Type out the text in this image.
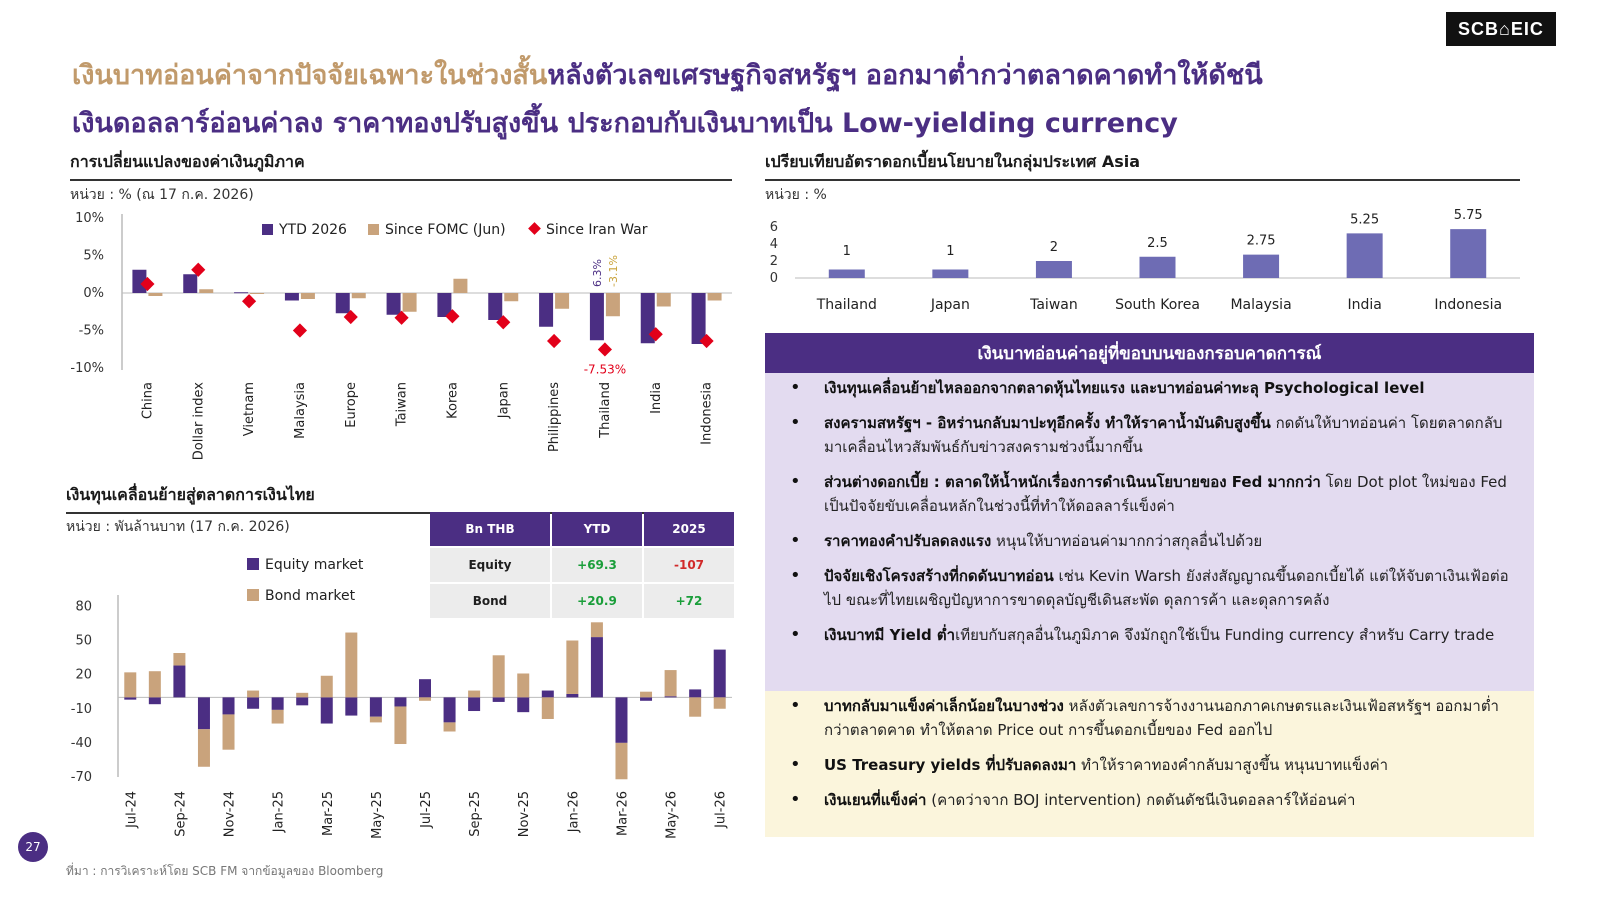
SCB⌂EIC
เงินบาทอ่อนค่าจากปัจจัยเฉพาะในช่วงสั้นหลังตัวเลขเศรษฐกิจสหรัฐฯ ออกมาต่ำกว่าตลาดคาดทำให้ดัชนี
เงินดอลลาร์อ่อนค่าลง ราคาทองปรับสูงขึ้น ประกอบกับเงินบาทเป็น Low-yielding currency
การเปลี่ยนแปลงของค่าเงินภูมิภาค
หน่วย : % (ณ 17 ก.ค. 2026)
10%
5%
0%
-5%
-10%
China	Dollar index	Vietnam	Malaysia	Europe	Taiwan	Korea	Japan	Philippines	Thailand
6.3% -3.1%
-7.53%
India	Indonesia
YTD 2026	Since FOMC (Jun)	Since Iran War
เปรียบเทียบอัตราดอกเบี้ยนโยบายในกลุ่มประเทศ Asia
หน่วย : %
6
4
2
0
1
Thailand
1
Japan
2
Taiwan
2.5
South Korea
2.75
Malaysia
5.25
India
5.75
Indonesia
เงินทุนเคลื่อนย้ายสู่ตลาดการเงินไทย
หน่วย : พันล้านบาท (17 ก.ค. 2026)
80
50
20
-10
-40
-70
Jul-24	Sep-24	Nov-24	Jan-25	Mar-25	May-25	Jul-25	Sep-25	Nov-25	Jan-26	Mar-26	May-26	Jul-26
Equity market
Bond market
Bn THB	YTD	2025
Equity	+69.3	-107
Bond	+20.9	+72
เงินบาทอ่อนค่าอยู่ที่ขอบบนของกรอบคาดการณ์
• เงินทุนเคลื่อนย้ายไหลออกจากตลาดหุ้นไทยแรง และบาทอ่อนค่าทะลุ Psychological level
• สงครามสหรัฐฯ - อิหร่านกลับมาปะทุอีกครั้ง ทำให้ราคาน้ำมันดิบสูงขึ้น กดดันให้บาทอ่อนค่า โดยตลาดกลับมาเคลื่อนไหวสัมพันธ์กับข่าวสงครามช่วงนี้มากขึ้น
• ส่วนต่างดอกเบี้ย : ตลาดให้น้ำหนักเรื่องการดำเนินนโยบายของ Fed มากกว่า โดย Dot plot ใหม่ของ Fed เป็นปัจจัยขับเคลื่อนหลักในช่วงนี้ที่ทำให้ดอลลาร์แข็งค่า
• ราคาทองคำปรับลดลงแรง หนุนให้บาทอ่อนค่ามากกว่าสกุลอื่นไปด้วย
• ปัจจัยเชิงโครงสร้างที่กดดันบาทอ่อน เช่น Kevin Warsh ยังส่งสัญญาณขึ้นดอกเบี้ยได้ แต่ให้จับตาเงินเฟ้อต่อไป ขณะที่ไทยเผชิญปัญหาการขาดดุลบัญชีเดินสะพัด ดุลการค้า และดุลการคลัง
• เงินบาทมี Yield ต่ำเทียบกับสกุลอื่นในภูมิภาค จึงมักถูกใช้เป็น Funding currency สำหรับ Carry trade
• บาทกลับมาแข็งค่าเล็กน้อยในบางช่วง หลังตัวเลขการจ้างงานนอกภาคเกษตรและเงินเฟ้อสหรัฐฯ ออกมาต่ำกว่าตลาดคาด ทำให้ตลาด Price out การขึ้นดอกเบี้ยของ Fed ออกไป
• US Treasury yields ที่ปรับลดลงมา ทำให้ราคาทองคำกลับมาสูงขึ้น หนุนบาทแข็งค่า
• เงินเยนที่แข็งค่า (คาดว่าจาก BOJ intervention) กดดันดัชนีเงินดอลลาร์ให้อ่อนค่า
27
ที่มา : การวิเคราะห์โดย SCB FM จากข้อมูลของ Bloomberg
